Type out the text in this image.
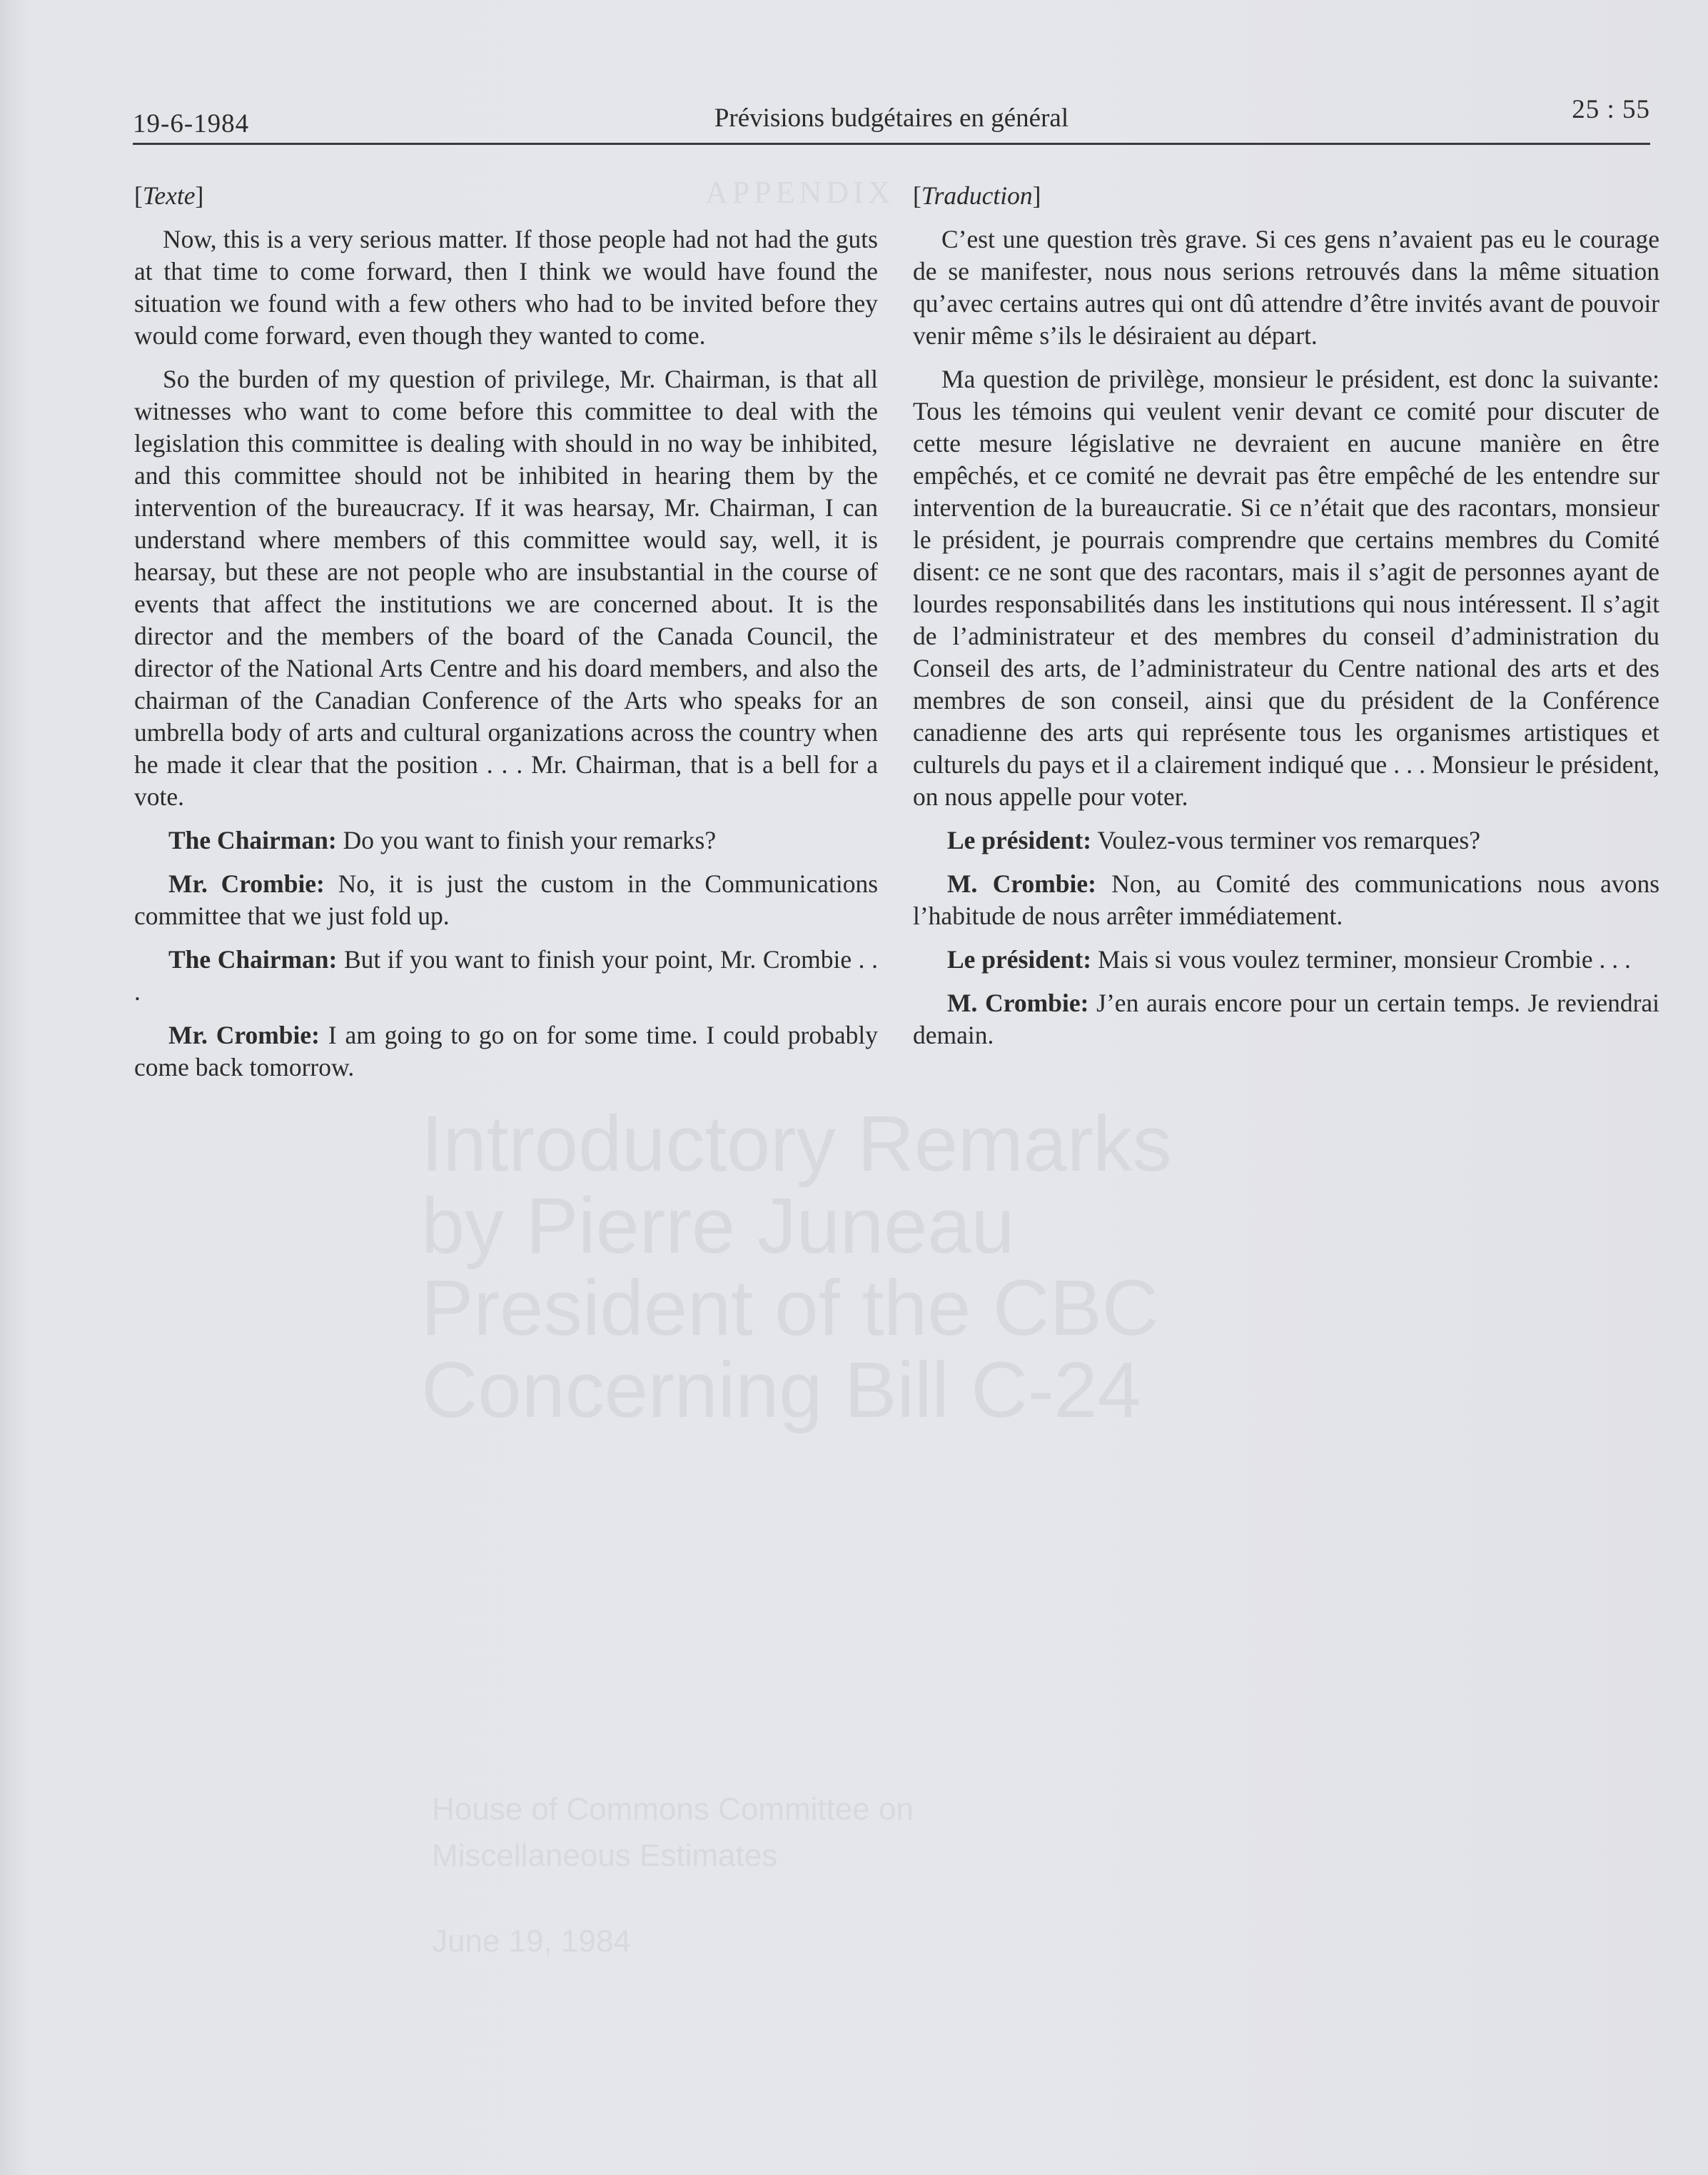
APPENDIX
Introductory Remarks
by Pierre Juneau
President of the CBC
Concerning Bill C-24
House of Commons Committee on
Miscellaneous Estimates
June 19, 1984
19-6-1984	Prévisions budgétaires en général	25 : 55

[Texte]

Now, this is a very serious matter. If those people had not had the guts at that time to come forward, then I think we would have found the situation we found with a few others who had to be invited before they would come forward, even though they wanted to come.

So the burden of my question of privilege, Mr. Chairman, is that all witnesses who want to come before this committee to deal with the legislation this committee is dealing with should in no way be inhibited, and this committee should not be inhibited in hearing them by the intervention of the bureaucracy. If it was hearsay, Mr. Chairman, I can understand where members of this committee would say, well, it is hearsay, but these are not people who are insubstantial in the course of events that affect the institutions we are concerned about. It is the director and the members of the board of the Canada Council, the director of the National Arts Centre and his doard members, and also the chairman of the Canadian Conference of the Arts who speaks for an umbrella body of arts and cultural organizations across the country when he made it clear that the position . . . Mr. Chairman, that is a bell for a vote.

The Chairman: Do you want to finish your remarks?

Mr. Crombie: No, it is just the custom in the Communications committee that we just fold up.

The Chairman: But if you want to finish your point, Mr. Crombie . . .

Mr. Crombie: I am going to go on for some time. I could probably come back tomorrow.

[Traduction]

C’est une question très grave. Si ces gens n’avaient pas eu le courage de se manifester, nous nous serions retrouvés dans la même situation qu’avec certains autres qui ont dû attendre d’être invités avant de pouvoir venir même s’ils le désiraient au départ.

Ma question de privilège, monsieur le président, est donc la suivante: Tous les témoins qui veulent venir devant ce comité pour discuter de cette mesure législative ne devraient en aucune manière en être empêchés, et ce comité ne devrait pas être empêché de les entendre sur intervention de la bureaucratie. Si ce n’était que des racontars, monsieur le président, je pourrais comprendre que certains membres du Comité disent: ce ne sont que des racontars, mais il s’agit de personnes ayant de lourdes responsabilités dans les institutions qui nous intéressent. Il s’agit de l’administrateur et des membres du conseil d’administration du Conseil des arts, de l’administrateur du Centre national des arts et des membres de son conseil, ainsi que du président de la Conférence canadienne des arts qui représente tous les organismes artistiques et culturels du pays et il a clairement indiqué que . . . Monsieur le président, on nous appelle pour voter.

Le président: Voulez-vous terminer vos remarques?

M. Crombie: Non, au Comité des communications nous avons l’habitude de nous arrêter immédiatement.

Le président: Mais si vous voulez terminer, monsieur Crombie . . .

M. Crombie: J’en aurais encore pour un certain temps. Je reviendrai demain.
